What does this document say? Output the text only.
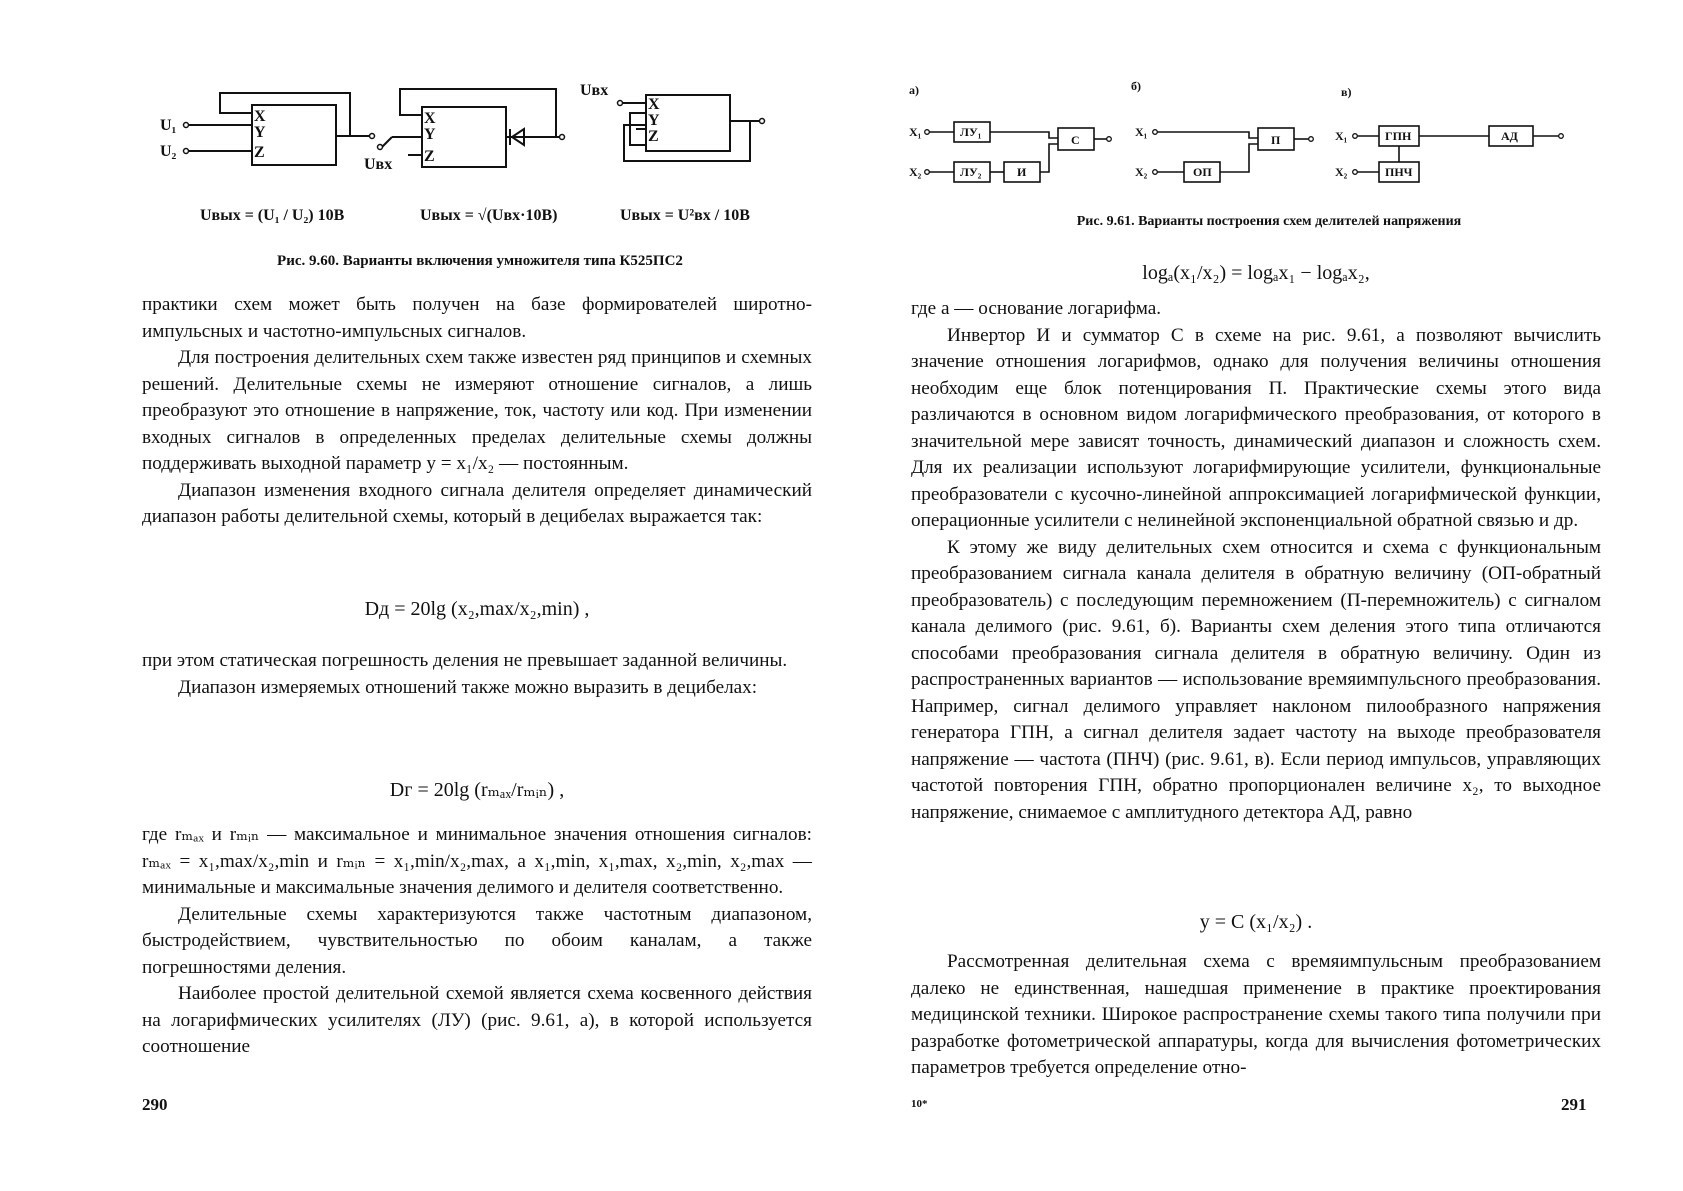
U₁
U₂
Uвх
Uвх
X
Y
Z
X
Y
Z
X
Y
Z
Uвых = (U₁ / U₂) 10B	Uвых = √(Uвх·10B)	Uвых = U²вх / 10B
Рис. 9.60. Варианты включения умножителя типа К525ПС2

практики схем может быть получен на базе формирователей широтно-импульсных и частотно-импульсных сигналов.

Для построения делительных схем также известен ряд принципов и схемных решений. Делительные схемы не измеряют отношение сигналов, а лишь преобразуют это отношение в напряжение, ток, частоту или код. При изменении входных сигналов в определенных пределах делительные схемы должны поддерживать выходной параметр y = x₁/x₂ — постоянным.

Диапазон изменения входного сигнала делителя определяет динамический диапазон работы делительной схемы, который в децибелах выражается так:

Dд = 20lg (x₂,max/x₂,min) ,

при этом статическая погрешность деления не превышает заданной величины.

Диапазон измеряемых отношений также можно выразить в децибелах:

Dг = 20lg (rₘₐₓ/rₘᵢₙ) ,

где rₘₐₓ и rₘᵢₙ — максимальное и минимальное значения отношения сигналов: rₘₐₓ = x₁,max/x₂,min и rₘᵢₙ = x₁,min/x₂,max, а x₁,min, x₁,max, x₂,min, x₂,max — минимальные и максимальные значения делимого и делителя соответственно.

Делительные схемы характеризуются также частотным диапазоном, быстродействием, чувствительностью по обоим каналам, а также погрешностями деления.

Наиболее простой делительной схемой является схема косвенного действия на логарифмических усилителях (ЛУ) (рис. 9.61, а), в которой используется соотношение

290
а)	б)	в)
X₁
X₂
ЛУ₁
ЛУ₂	И
С
X₁
X₂	ОП
П	X₁
X₂
ГПН
ПНЧ
АД
Рис. 9.61. Варианты построения схем делителей напряжения
logₐ(x₁/x₂) = logₐx₁ − logₐx₂,

где а — основание логарифма.

Инвертор И и сумматор С в схеме на рис. 9.61, а позволяют вычислить значение отношения логарифмов, однако для получения величины отношения необходим еще блок потенцирования П. Практические схемы этого вида различаются в основном видом логарифмического преобразования, от которого в значительной мере зависят точность, динамический диапазон и сложность схем. Для их реализации используют логарифмирующие усилители, функциональные преобразователи с кусочно-линейной аппроксимацией логарифмической функции, операционные усилители с нелинейной экспоненциальной обратной связью и др.

К этому же виду делительных схем относится и схема с функциональным преобразованием сигнала канала делителя в обратную величину (ОП-обратный преобразователь) с последующим перемножением (П-перемножитель) с сигналом канала делимого (рис. 9.61, б). Варианты схем деления этого типа отличаются способами преобразования сигнала делителя в обратную величину. Один из распространенных вариантов — использование времяимпульсного преобразования. Например, сигнал делимого управляет наклоном пилообразного напряжения генератора ГПН, а сигнал делителя задает частоту на выходе преобразователя напряжение — частота (ПНЧ) (рис. 9.61, в). Если период импульсов, управляющих частотой повторения ГПН, обратно пропорционален величине x₂, то выходное напряжение, снимаемое с амплитудного детектора АД, равно

y = C (x₁/x₂) .

Рассмотренная делительная схема с времяимпульсным преобразованием далеко не единственная, нашедшая применение в практике проектирования медицинской техники. Широкое распространение схемы такого типа получили при разработке фотометрической аппаратуры, когда для вычисления фотометрических параметров требуется определение отно-

10*	291
